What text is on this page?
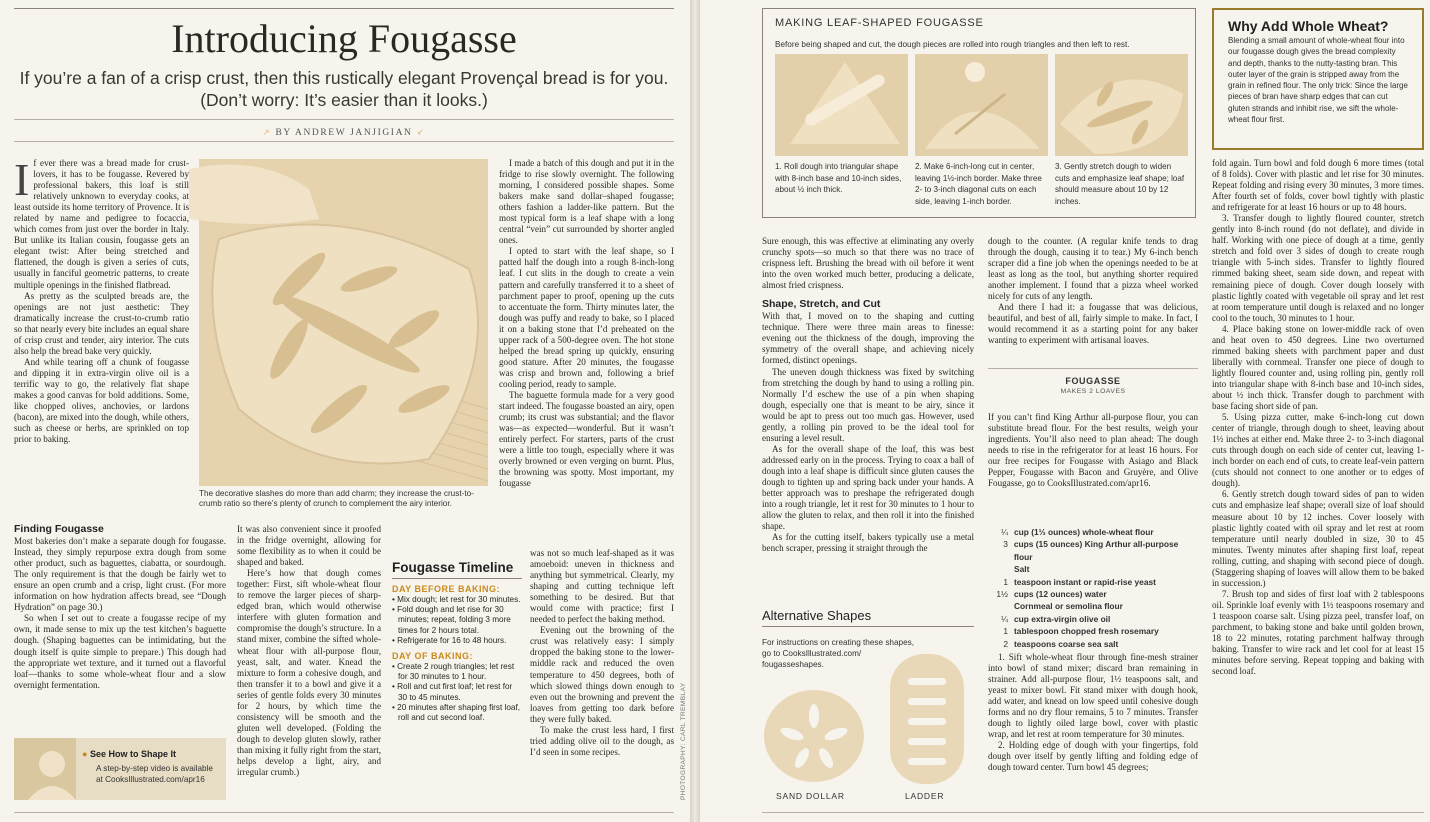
Introducing Fougasse
If you’re a fan of a crisp crust, then this rustically elegant Provençal bread is for you.
(Don’t worry: It’s easier than it looks.)
⸕ BY ANDREW JANJIGIAN ⸔

If ever there was a bread made for crust-lovers, it has to be fougasse. Revered by professional bakers, this loaf is still relatively unknown to everyday cooks, at least outside its home territory of Provence. It is related by name and pedigree to focaccia, which comes from just over the border in Italy. But unlike its Italian cousin, fougasse gets an elegant twist: After being stretched and flattened, the dough is given a series of cuts, usually in fanciful geometric patterns, to create multiple openings in the finished flatbread.

As pretty as the sculpted breads are, the openings are not just aesthetic: They dramatically increase the crust-to-crumb ratio so that nearly every bite includes an equal share of crisp crust and tender, airy interior. The cuts also help the bread bake very quickly.

And while tearing off a chunk of fougasse and dipping it in extra-virgin olive oil is a terrific way to go, the relatively flat shape makes a good canvas for bold additions. Some, like chopped olives, anchovies, or lardons (bacon), are mixed into the dough, while others, such as cheese or herbs, are sprinkled on top prior to baking.

The decorative slashes do more than add charm; they increase the crust-to-crumb ratio so there’s plenty of crunch to complement the airy interior.

I made a batch of this dough and put it in the fridge to rise slowly overnight. The following morning, I considered possible shapes. Some bakers make sand dollar–shaped fougasse; others fashion a ladder-like pattern. But the most typical form is a leaf shape with a long central “vein” cut surrounded by shorter angled ones.

I opted to start with the leaf shape, so I patted half the dough into a rough 8-inch-long leaf. I cut slits in the dough to create a vein pattern and carefully transferred it to a sheet of parchment paper to proof, opening up the cuts to accentuate the form. Thirty minutes later, the dough was puffy and ready to bake, so I placed it on a baking stone that I’d preheated on the upper rack of a 500-degree oven. The hot stone helped the bread spring up quickly, ensuring good stature. After 20 minutes, the fougasse was crisp and brown and, following a brief cooling period, ready to sample.

The baguette formula made for a very good start indeed. The fougasse boasted an airy, open crumb; its crust was substantial; and the flavor was—as expected—wonderful. But it wasn’t entirely perfect. For starters, parts of the crust were a little too tough, especially where it was overly browned or even verging on burnt. Plus, the browning was spotty. Most important, my fougasse

Finding Fougasse

Most bakeries don’t make a separate dough for fougasse. Instead, they simply repurpose extra dough from some other product, such as baguettes, ciabatta, or sourdough. The only requirement is that the dough be fairly wet to ensure an open crumb and a crisp, light crust. (For more information on how hydration affects bread, see “Dough Hydration” on page 30.)

So when I set out to create a fougasse recipe of my own, it made sense to mix up the test kitchen’s baguette dough. (Shaping baguettes can be intimidating, but the dough itself is quite simple to prepare.) This dough had the appropriate wet texture, and it turned out a flavorful loaf—thanks to some whole-wheat flour and a slow overnight fermentation.

● See How to Shape It
A step-by-step video is available
at CooksIllustrated.com/apr16

It was also convenient since it proofed in the fridge overnight, allowing for some flexibility as to when it could be shaped and baked.

Here’s how that dough comes together: First, sift whole-wheat flour to remove the larger pieces of sharp-edged bran, which would otherwise interfere with gluten formation and compromise the dough’s structure. In a stand mixer, combine the sifted whole-wheat flour with all-purpose flour, yeast, salt, and water. Knead the mixture to form a cohesive dough, and then transfer it to a bowl and give it a series of gentle folds every 30 minutes for 2 hours, by which time the consistency will be smooth and the gluten well developed. (Folding the dough to develop gluten slowly, rather than mixing it fully right from the start, helps develop a light, airy, and irregular crumb.)

Fougasse Timeline
DAY BEFORE BAKING:
• Mix dough; let rest for 30 minutes.
• Fold dough and let rise for 30 minutes; repeat, folding 3 more times for 2 hours total.
• Refrigerate for 16 to 48 hours.
DAY OF BAKING:
• Create 2 rough triangles; let rest for 30 minutes to 1 hour.
• Roll and cut first loaf; let rest for 30 to 45 minutes.
• 20 minutes after shaping first loaf, roll and cut second loaf.

was not so much leaf-shaped as it was amoeboid: uneven in thickness and anything but symmetrical. Clearly, my shaping and cutting technique left something to be desired. But that would come with practice; first I needed to perfect the baking method.

Evening out the browning of the crust was relatively easy: I simply dropped the baking stone to the lower-middle rack and reduced the oven temperature to 450 degrees, both of which slowed things down enough to even out the browning and prevent the loaves from getting too dark before they were fully baked.

To make the crust less hard, I first tried adding olive oil to the dough, as I’d seen in some recipes.	PHOTOGRAPHY: CARL TREMBLAY
MAKING LEAF-SHAPED FOUGASSE
Before being shaped and cut, the dough pieces are rolled into rough triangles and then left to rest.
1. Roll dough into triangular shape with 8-inch base and 10-inch sides, about ½ inch thick.
2. Make 6-inch-long cut in center, leaving 1½-inch border. Make three 2- to 3-inch diagonal cuts on each side, leaving 1-inch border.
3. Gently stretch dough to widen cuts and emphasize leaf shape; loaf should measure about 10 by 12 inches.
Why Add Whole Wheat?
Blending a small amount of whole-wheat flour into our fougasse dough gives the bread complexity and depth, thanks to the nutty-tasting bran. This outer layer of the grain is stripped away from the grain in refined flour. The only trick: Since the large pieces of bran have sharp edges that can cut gluten strands and inhibit rise, we sift the whole-wheat flour first.

Sure enough, this was effective at eliminating any overly crunchy spots—so much so that there was no trace of crispness left. Brushing the bread with oil before it went into the oven worked much better, producing a delicate, almost fried crispness.

Shape, Stretch, and Cut

With that, I moved on to the shaping and cutting technique. There were three main areas to finesse: evening out the thickness of the dough, improving the symmetry of the overall shape, and achieving nicely formed, distinct openings.

The uneven dough thickness was fixed by switching from stretching the dough by hand to using a rolling pin. Normally I’d eschew the use of a pin when shaping dough, especially one that is meant to be airy, since it would be apt to press out too much gas. However, used gently, a rolling pin proved to be the ideal tool for ensuring a level result.

As for the overall shape of the loaf, this was best addressed early on in the process. Trying to coax a ball of dough into a leaf shape is difficult since gluten causes the dough to tighten up and spring back under your hands. A better approach was to preshape the refrigerated dough into a rough triangle, let it rest for 30 minutes to 1 hour to allow the gluten to relax, and then roll it into the finished shape.

As for the cutting itself, bakers typically use a metal bench scraper, pressing it straight through the

Alternative Shapes
For instructions on creating these shapes,
go to CooksIllustrated.com/
fougasseshapes.
SAND DOLLAR	LADDER

dough to the counter. (A regular knife tends to drag through the dough, causing it to tear.) My 6-inch bench scraper did a fine job when the openings needed to be at least as long as the tool, but anything shorter required another implement. I found that a pizza wheel worked nicely for cuts of any length.

And there I had it: a fougasse that was delicious, beautiful, and best of all, fairly simple to make. In fact, I would recommend it as a starting point for any baker wanting to experiment with artisanal loaves.

FOUGASSE
MAKES 2 LOAVES

If you can’t find King Arthur all-purpose flour, you can substitute bread flour. For the best results, weigh your ingredients. You’ll also need to plan ahead: The dough needs to rise in the refrigerator for at least 16 hours. For our free recipes for Fougasse with Asiago and Black Pepper, Fougasse with Bacon and Gruyère, and Olive Fougasse, go to CooksIllustrated.com/apr16.

¼ cup (1⅓ ounces) whole-wheat flour
3 cups (15 ounces) King Arthur all-purpose flour
Salt
1 teaspoon instant or rapid-rise yeast
1½ cups (12 ounces) water
Cornmeal or semolina flour
¼ cup extra-virgin olive oil
1 tablespoon chopped fresh rosemary
2 teaspoons coarse sea salt

1. Sift whole-wheat flour through fine-mesh strainer into bowl of stand mixer; discard bran remaining in strainer. Add all-purpose flour, 1½ teaspoons salt, and yeast to mixer bowl. Fit stand mixer with dough hook, add water, and knead on low speed until cohesive dough forms and no dry flour remains, 5 to 7 minutes. Transfer dough to lightly oiled large bowl, cover with plastic wrap, and let rest at room temperature for 30 minutes.

2. Holding edge of dough with your fingertips, fold dough over itself by gently lifting and folding edge of dough toward center. Turn bowl 45 degrees;

fold again. Turn bowl and fold dough 6 more times (total of 8 folds). Cover with plastic and let rise for 30 minutes. Repeat folding and rising every 30 minutes, 3 more times. After fourth set of folds, cover bowl tightly with plastic and refrigerate for at least 16 hours or up to 48 hours.

3. Transfer dough to lightly floured counter, stretch gently into 8-inch round (do not deflate), and divide in half. Working with one piece of dough at a time, gently stretch and fold over 3 sides of dough to create rough triangle with 5-inch sides. Transfer to lightly floured rimmed baking sheet, seam side down, and repeat with remaining piece of dough. Cover dough loosely with plastic lightly coated with vegetable oil spray and let rest at room temperature until dough is relaxed and no longer cool to the touch, 30 minutes to 1 hour.

4. Place baking stone on lower-middle rack of oven and heat oven to 450 degrees. Line two overturned rimmed baking sheets with parchment paper and dust liberally with cornmeal. Transfer one piece of dough to lightly floured counter and, using rolling pin, gently roll into triangular shape with 8-inch base and 10-inch sides, about ½ inch thick. Transfer dough to parchment with base facing short side of pan.

5. Using pizza cutter, make 6-inch-long cut down center of triangle, through dough to sheet, leaving about 1½ inches at either end. Make three 2- to 3-inch diagonal cuts through dough on each side of center cut, leaving 1-inch border on each end of cuts, to create leaf-vein pattern (cuts should not connect to one another or to edges of dough).

6. Gently stretch dough toward sides of pan to widen cuts and emphasize leaf shape; overall size of loaf should measure about 10 by 12 inches. Cover loosely with plastic lightly coated with oil spray and let rest at room temperature until nearly doubled in size, 30 to 45 minutes. Twenty minutes after shaping first loaf, repeat rolling, cutting, and shaping with second piece of dough. (Staggering shaping of loaves will allow them to be baked in succession.)

7. Brush top and sides of first loaf with 2 tablespoons oil. Sprinkle loaf evenly with 1½ teaspoons rosemary and 1 teaspoon coarse salt. Using pizza peel, transfer loaf, on parchment, to baking stone and bake until golden brown, 18 to 22 minutes, rotating parchment halfway through baking. Transfer to wire rack and let cool for at least 15 minutes before serving. Repeat topping and baking with second loaf.
